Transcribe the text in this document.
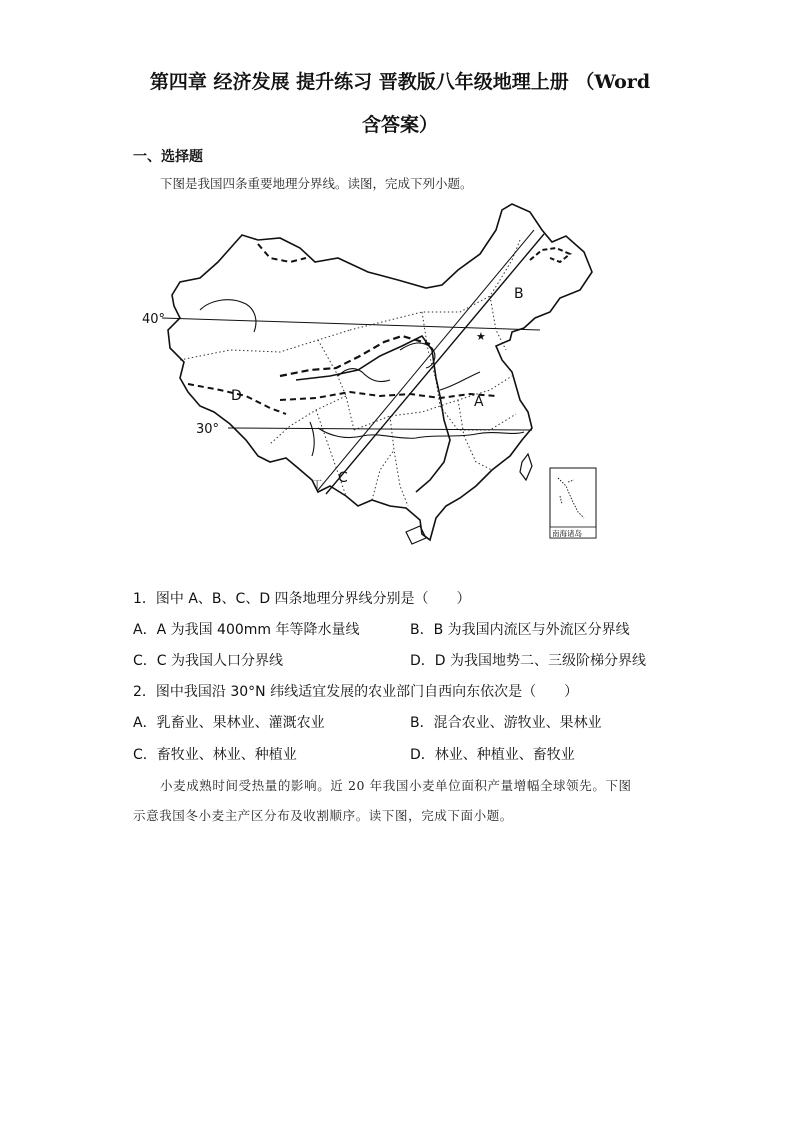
第四章 经济发展 提升练习 晋教版八年级地理上册 （Word
含答案）
一、选择题
下图是我国四条重要地理分界线。读图，完成下列小题。
★
40°
30°
A
B
C
D
丁
南海诸岛
1．图中 A、B、C、D 四条地理分界线分别是（　　）
A．A 为我国 400mm 年等降水量线	B．B 为我国内流区与外流区分界线
C．C 为我国人口分界线	D．D 为我国地势二、三级阶梯分界线
2．图中我国沿 30°N 纬线适宜发展的农业部门自西向东依次是（　　）
A．乳畜业、果林业、灌溉农业	B．混合农业、游牧业、果林业
C．畜牧业、林业、种植业	D．林业、种植业、畜牧业
小麦成熟时间受热量的影响。近 20 年我国小麦单位面积产量增幅全球领先。下图
示意我国冬小麦主产区分布及收割顺序。读下图，完成下面小题。
